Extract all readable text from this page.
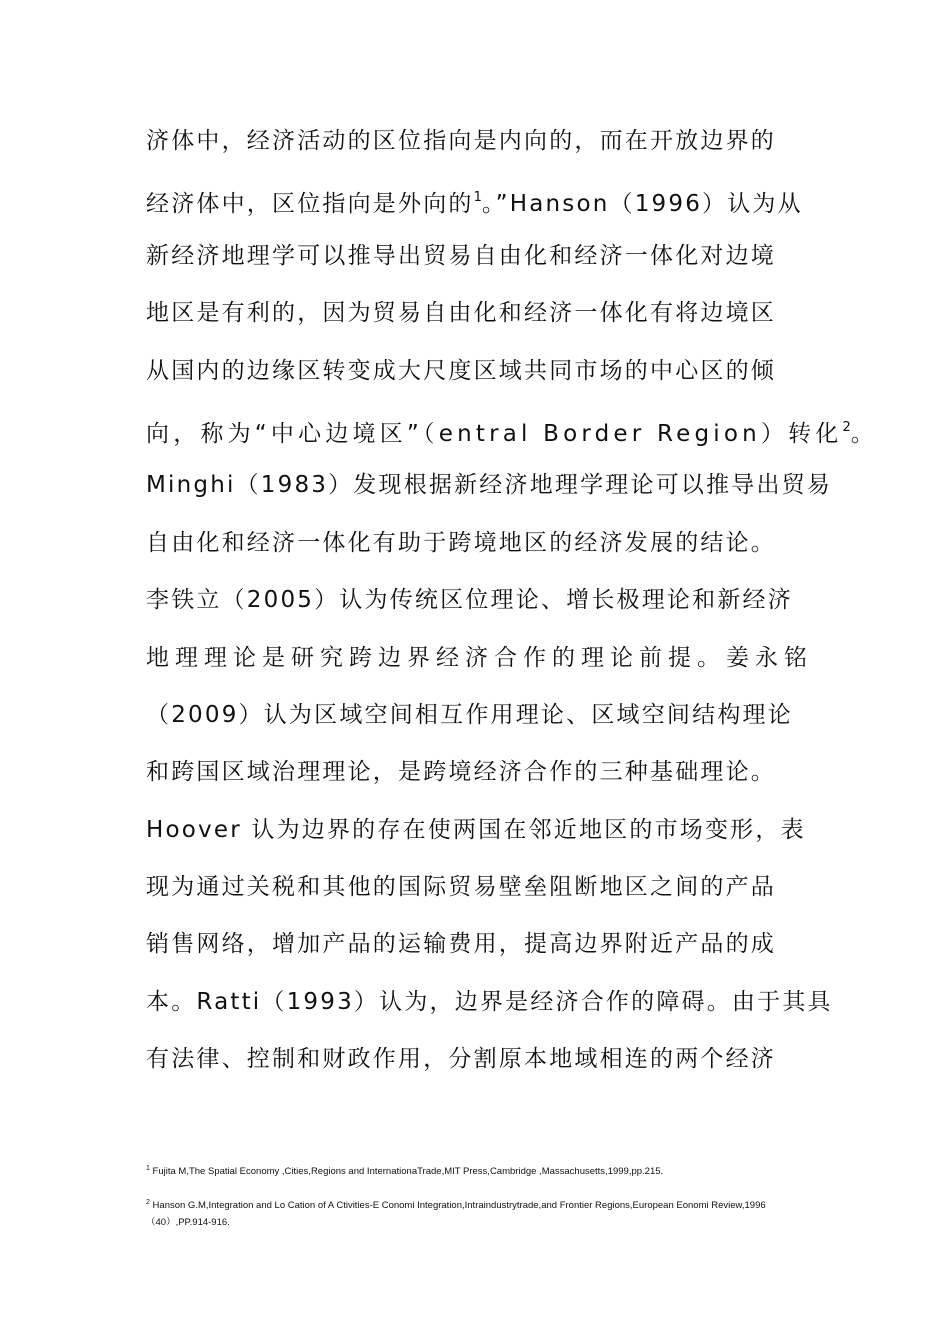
济体中，经济活动的区位指向是内向的，而在开放边界的
经济体中，区位指向是外向的$^1$。”Hanson（1996）认为从
新经济地理学可以推导出贸易自由化和经济一体化对边境
地区是有利的，因为贸易自由化和经济一体化有将边境区
从国内的边缘区转变成大尺度区域共同市场的中心区的倾
向，称为“中心边境区”（entral Border Region）转化$^2$。
Minghi（1983）发现根据新经济地理学理论可以推导出贸易
自由化和经济一体化有助于跨境地区的经济发展的结论。
李铁立（2005）认为传统区位理论、增长极理论和新经济
地理理论是研究跨边界经济合作的理论前提。姜永铭
（2009）认为区域空间相互作用理论、区域空间结构理论
和跨国区域治理理论，是跨境经济合作的三种基础理论。
Hoover 认为边界的存在使两国在邻近地区的市场变形，表
现为通过关税和其他的国际贸易壁垒阻断地区之间的产品
销售网络，增加产品的运输费用，提高边界附近产品的成
本。Ratti（1993）认为，边界是经济合作的障碍。由于其具
有法律、控制和财政作用，分割原本地域相连的两个经济
$^1$ Fujita M,The Spatial Economy ,Cities,Regions and InternationaTrade,MIT Press,Cambridge ,Massachusetts,1999,pp.215.
$^2$ Hanson G.M,Integration and Lo Cation of A Ctivities-E Conomi Integration,Intraindustrytrade,and Frontier Regions,European Eonomi Review,1996 （40）,PP.914-916.
